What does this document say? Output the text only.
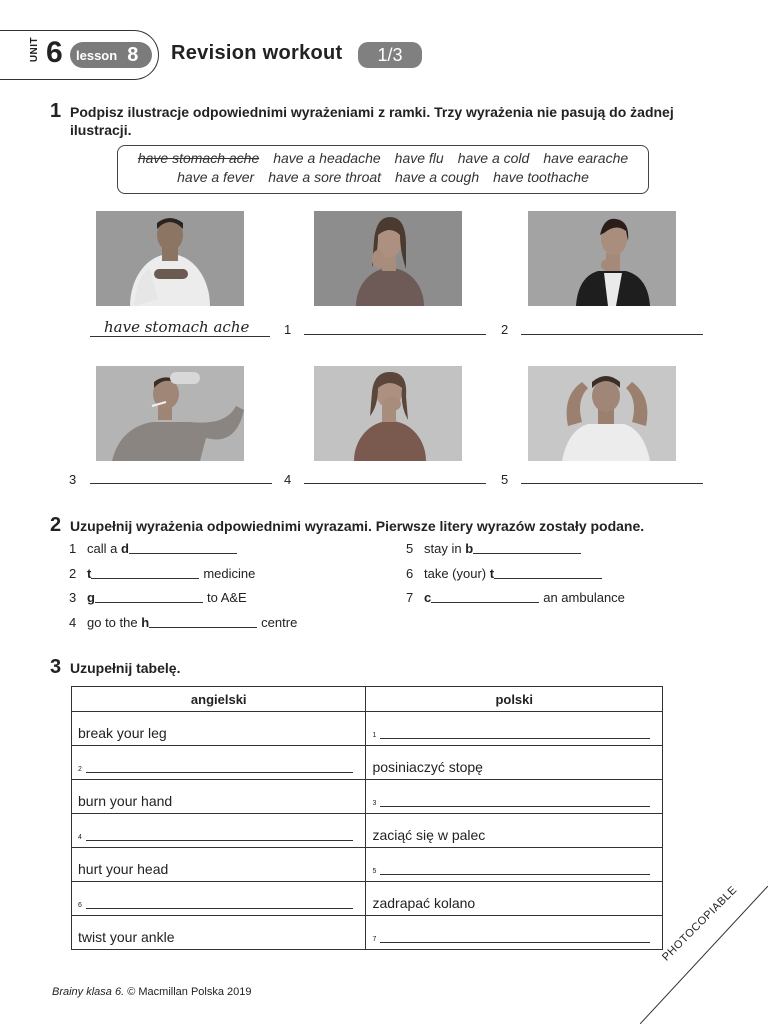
UNIT 6 lesson 8 Revision workout	1/3
1 Podpisz ilustracje odpowiednimi wyrażeniami z ramki. Trzy wyrażenia nie pasują do żadnej ilustracji.
have stomach ache have a headache have flu have a cold have earache
have a fever have a sore throat have a cough have toothache
have stomach ache	1	2
3	4	5
2 Uzupełnij wyrażenia odpowiednimi wyrazami. Pierwsze litery wyrazów zostały podane.
1 call a d
2 t	medicine
3 g	to A&E
4 go to the h	centre
5 stay in b
6 take (your) t
7 c	an ambulance
3 Uzupełnij tabelę.
angielski	polski

break your leg	1

2	posiniaczyć stopę

burn your hand	3

4	zaciąć się w palec

hurt your head	5

6	zadrapać kolano

twist your ankle	7
Brainy klasa 6. © Macmillan Polska 2019
PHOTOCOPIABLE
